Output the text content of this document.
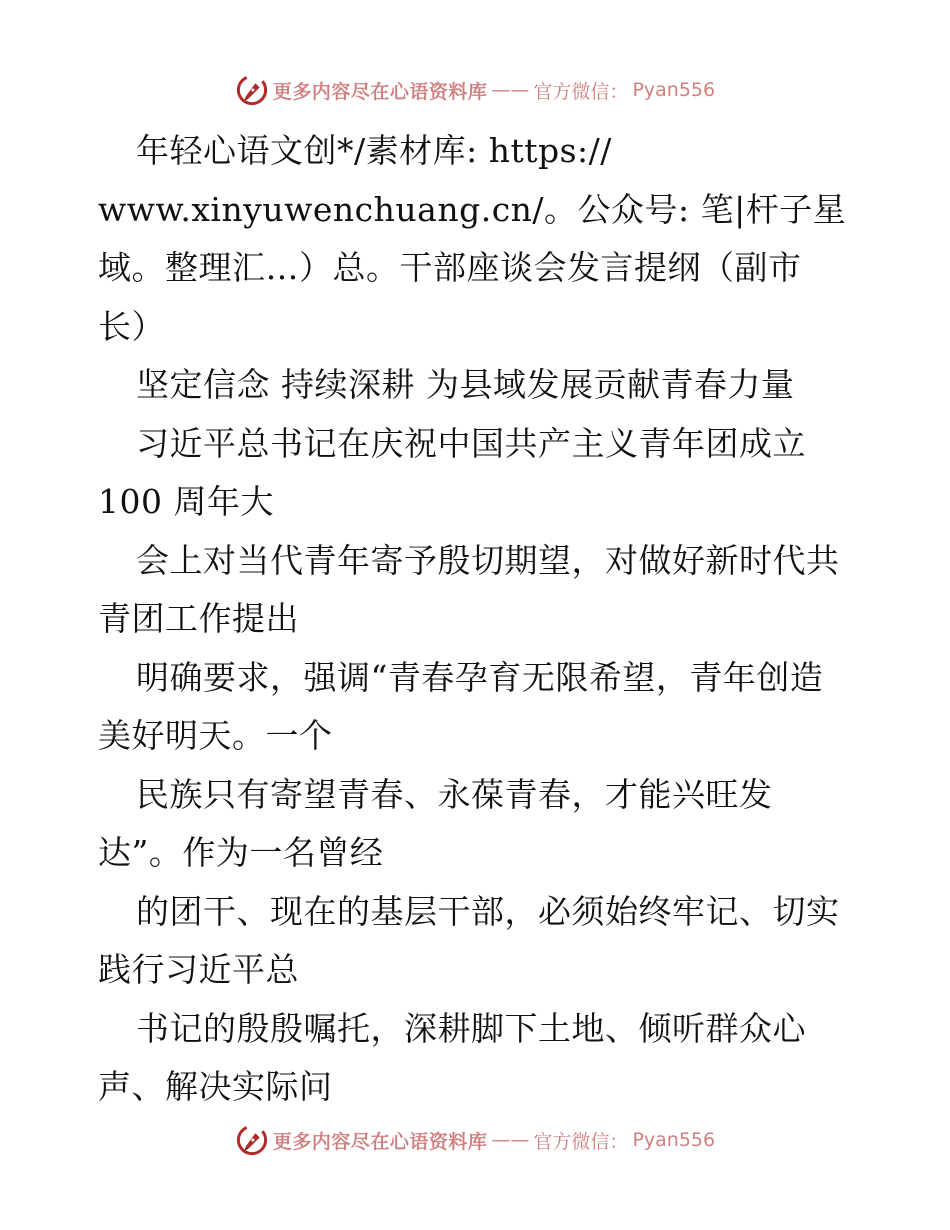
更多内容尽在心语资料库 —— 官方微信： Pyan556
年轻心语文创*/素材库: https://
www.xinyuwenchuang.cn/。公众号: 笔|杆子星
域。整理汇…）总。干部座谈会发言提纲（副市
长）
坚定信念 持续深耕 为县域发展贡献青春力量
习近平总书记在庆祝中国共产主义青年团成立
100 周年大
会上对当代青年寄予殷切期望，对做好新时代共
青团工作提出
明确要求，强调“青春孕育无限希望，青年创造
美好明天。一个
民族只有寄望青春、永葆青春，才能兴旺发
达”。作为一名曾经
的团干、现在的基层干部，必须始终牢记、切实
践行习近平总
书记的殷殷嘱托，深耕脚下土地、倾听群众心
声、解决实际问
更多内容尽在心语资料库 —— 官方微信： Pyan556
